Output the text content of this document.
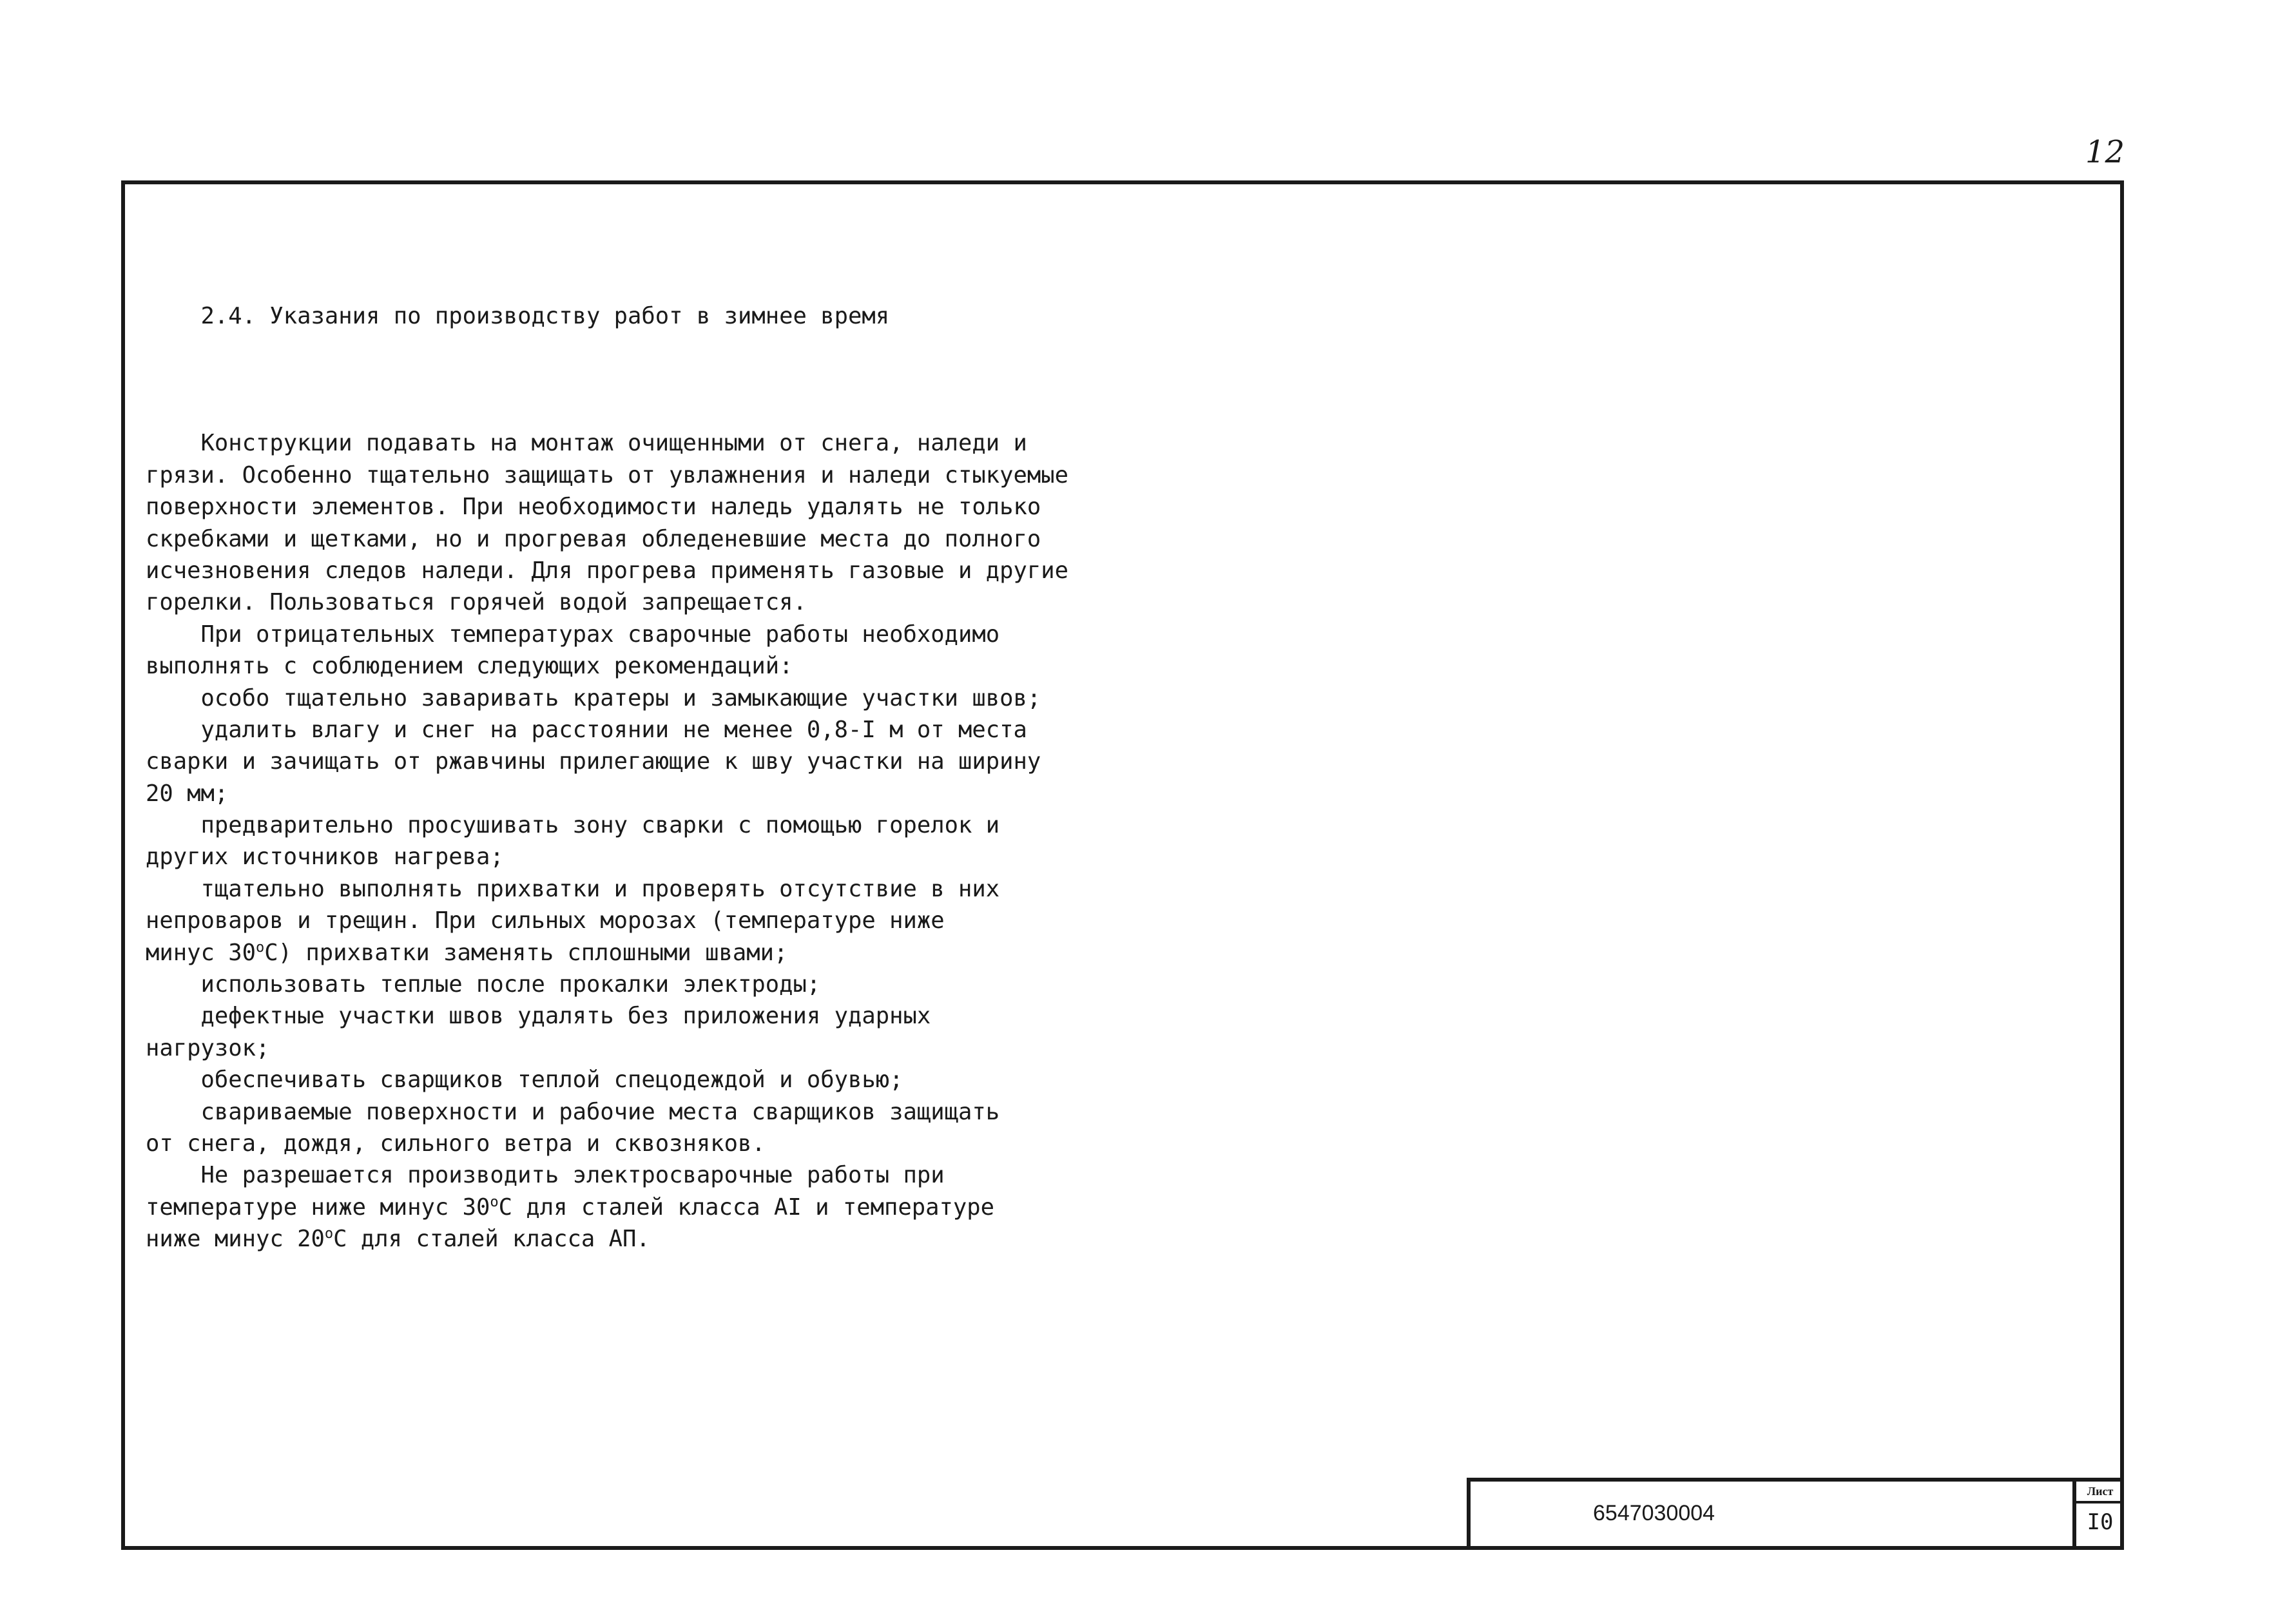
12

2.4. Указания по производству работ в зимнее время

Конструкции подавать на монтаж очищенными от снега, наледи и
грязи. Особенно тщательно защищать от увлажнения и наледи стыкуемые
поверхности элементов. При необходимости наледь удалять не только
скребками и щетками, но и прогревая обледеневшие места до полного
исчезновения следов наледи. Для прогрева применять газовые и другие
горелки. Пользоваться горячей водой запрещается.
При отрицательных температурах сварочные работы необходимо
выполнять с соблюдением следующих рекомендаций:
особо тщательно заваривать кратеры и замыкающие участки швов;
удалить влагу и снег на расстоянии не менее 0,8-I м от места
сварки и зачищать от ржавчины прилегающие к шву участки на ширину
20 мм;
предварительно просушивать зону сварки с помощью горелок и
других источников нагрева;
тщательно выполнять прихватки и проверять отсутствие в них
непроваров и трещин. При сильных морозах (температуре ниже
минус 30$^o$С) прихватки заменять сплошными швами;
использовать теплые после прокалки электроды;
дефектные участки швов удалять без приложения ударных
нагрузок;
обеспечивать сварщиков теплой спецодеждой и обувью;
свариваемые поверхности и рабочие места сварщиков защищать
от снега, дождя, сильного ветра и сквозняков.
Не разрешается производить электросварочные работы при
температуре ниже минус 30$^o$С для сталей класса AI и температуре
ниже минус 20$^o$С для сталей класса АП.

6547030004
Лист
I0
